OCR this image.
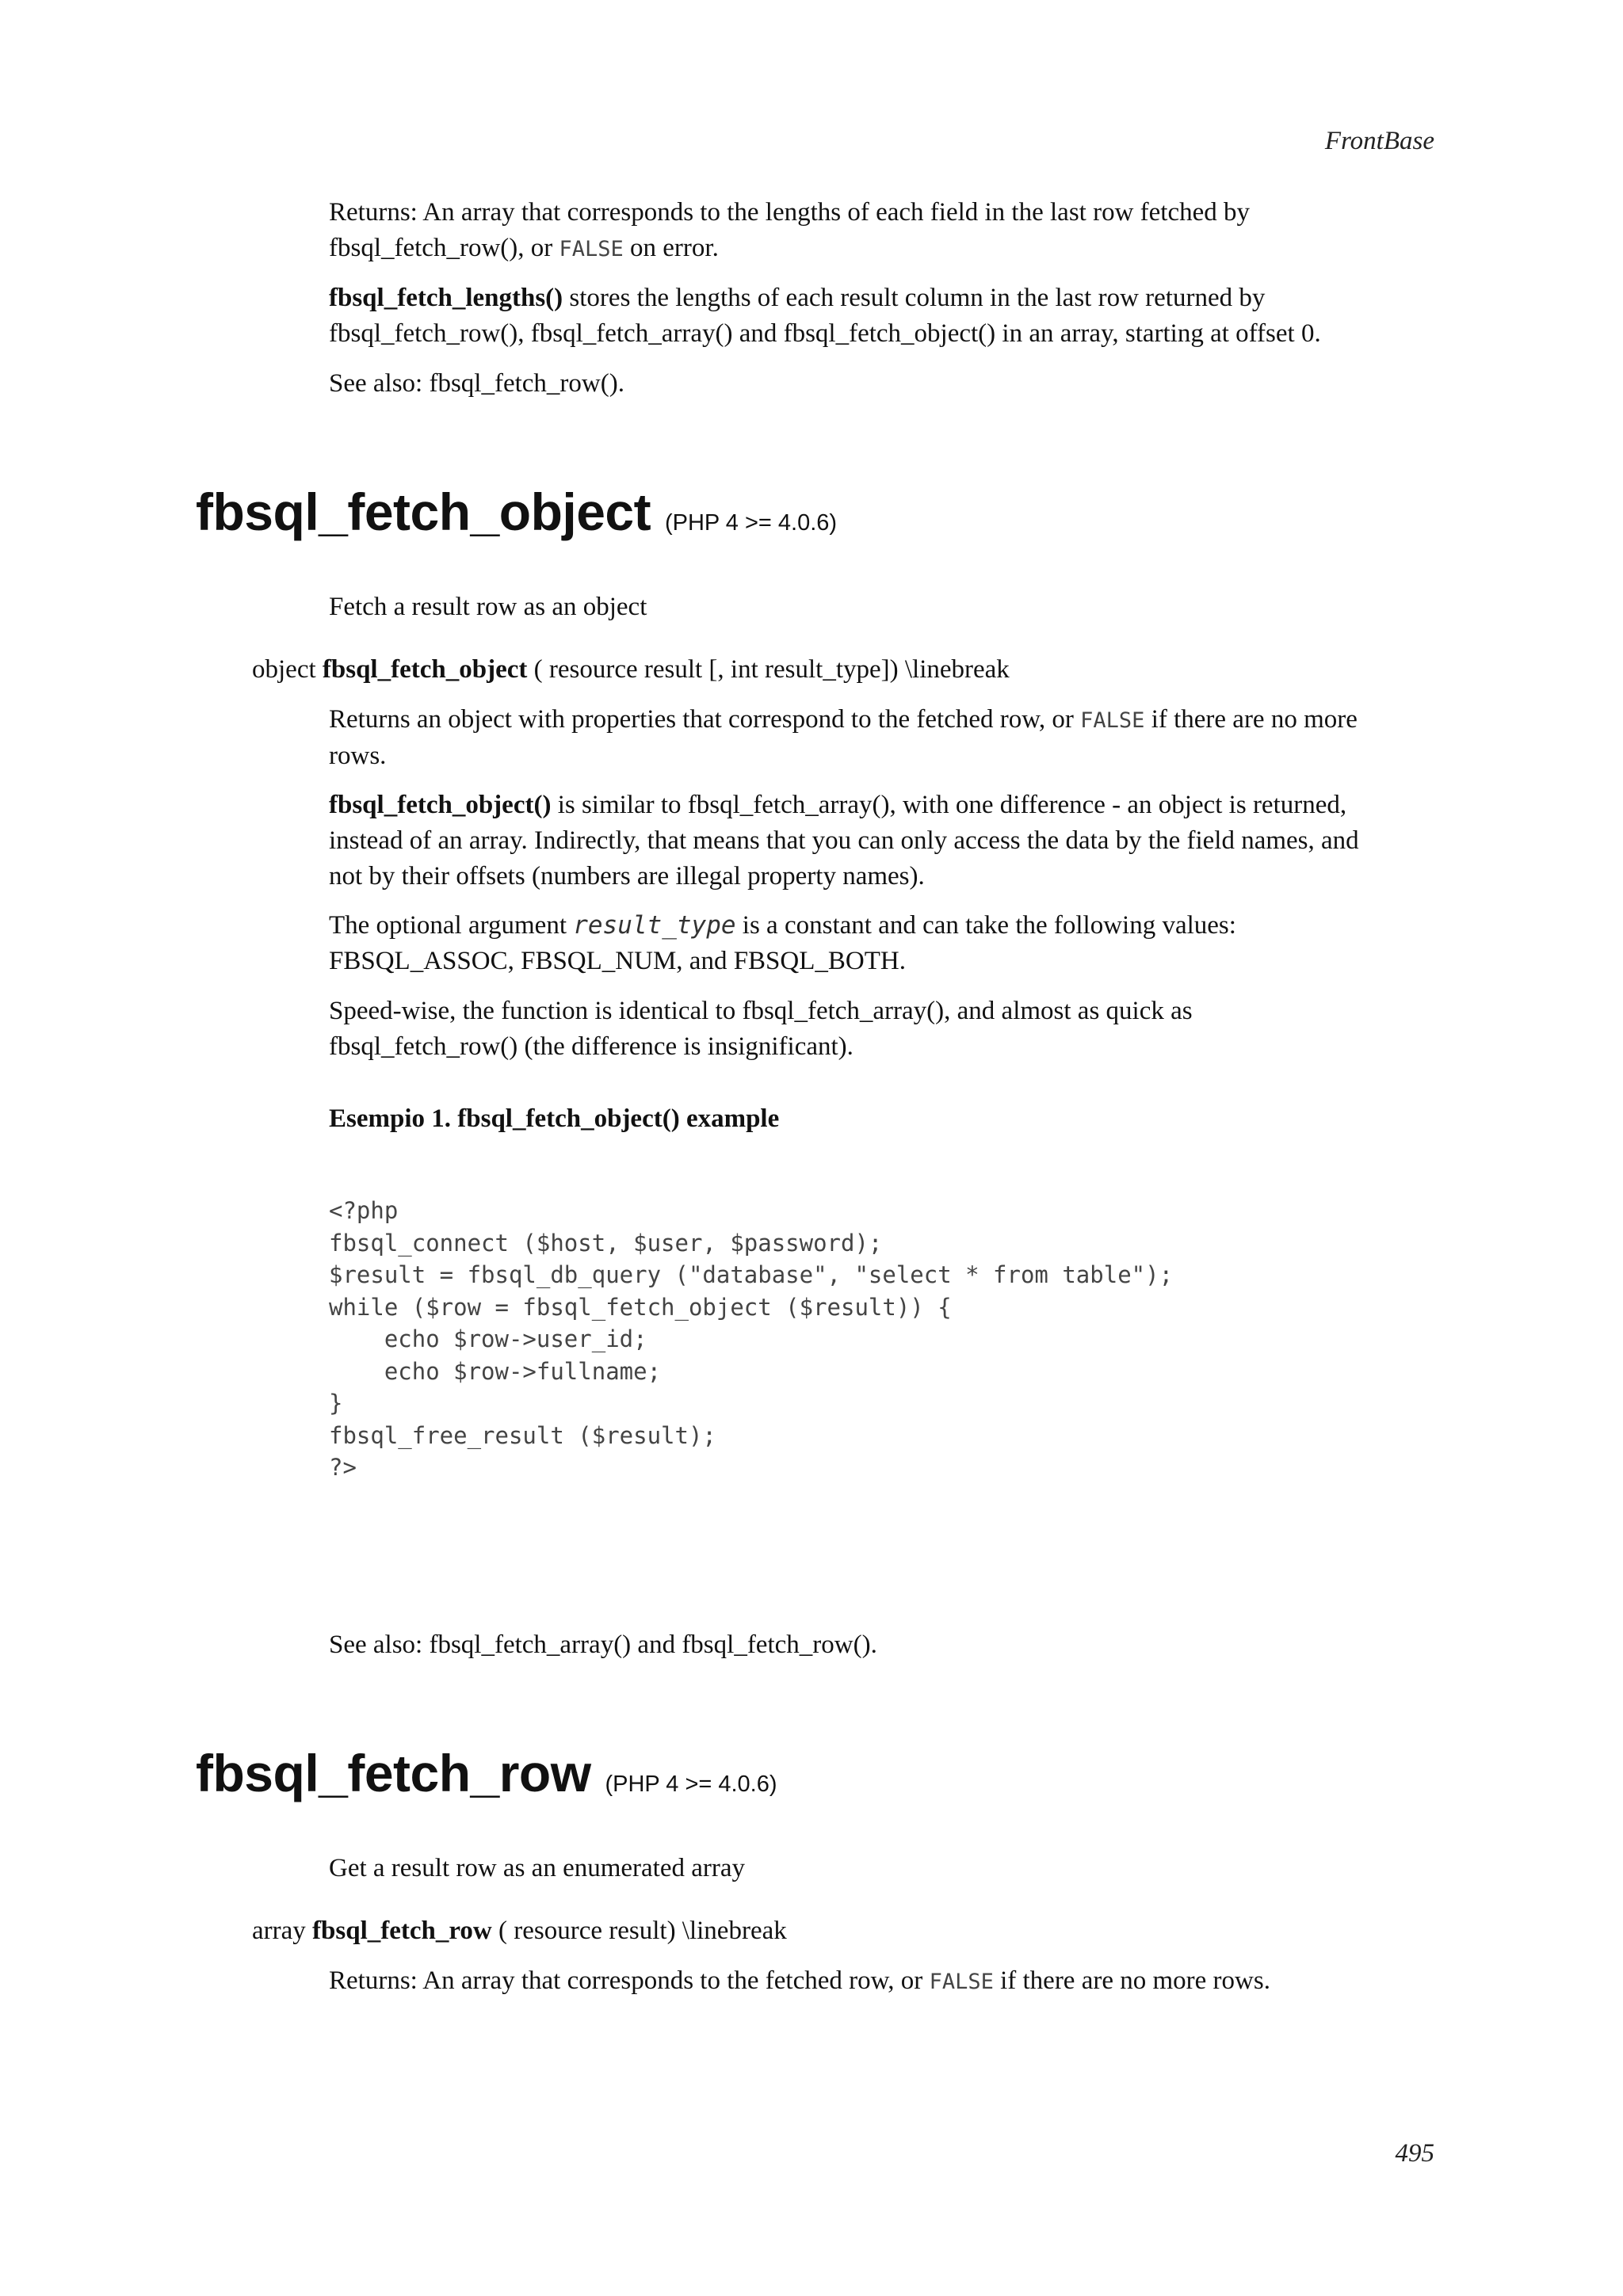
FrontBase
Returns: An array that corresponds to the lengths of each field in the last row fetched by
fbsql_fetch_row(), or FALSE on error.
fbsql_fetch_lengths() stores the lengths of each result column in the last row returned by
fbsql_fetch_row(), fbsql_fetch_array() and fbsql_fetch_object() in an array, starting at offset 0.
See also: fbsql_fetch_row().
fbsql_fetch_object (PHP 4 >= 4.0.6)
Fetch a result row as an object
object fbsql_fetch_object ( resource result [, int result_type]) \linebreak
Returns an object with properties that correspond to the fetched row, or FALSE if there are no more
rows.
fbsql_fetch_object() is similar to fbsql_fetch_array(), with one difference - an object is returned,
instead of an array. Indirectly, that means that you can only access the data by the field names, and
not by their offsets (numbers are illegal property names).
The optional argument result_type is a constant and can take the following values:
FBSQL_ASSOC, FBSQL_NUM, and FBSQL_BOTH.
Speed-wise, the function is identical to fbsql_fetch_array(), and almost as quick as
fbsql_fetch_row() (the difference is insignificant).
Esempio 1. fbsql_fetch_object() example
<?php
fbsql_connect ($host, $user, $password);
$result = fbsql_db_query ("database", "select * from table");
while ($row = fbsql_fetch_object ($result)) {
echo $row->user_id;
echo $row->fullname;
}
fbsql_free_result ($result);
?>
See also: fbsql_fetch_array() and fbsql_fetch_row().
fbsql_fetch_row (PHP 4 >= 4.0.6)
Get a result row as an enumerated array
array fbsql_fetch_row ( resource result) \linebreak
Returns: An array that corresponds to the fetched row, or FALSE if there are no more rows.
495
